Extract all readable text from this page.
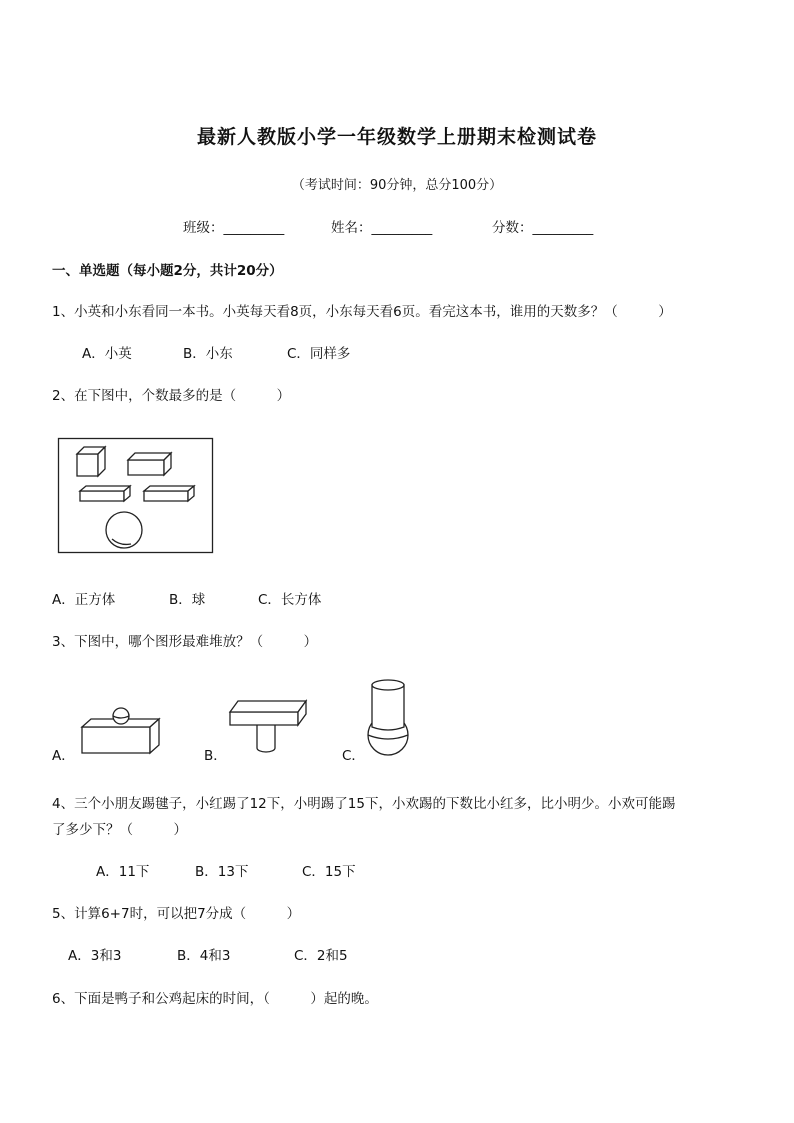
最新人教版小学一年级数学上册期末检测试卷
（考试时间：90分钟，总分100分）
班级：_________	姓名：_________	分数：_________
一、单选题（每小题2分，共计20分）
1、小英和小东看同一本书。小英每天看8页，小东每天看6页。看完这本书，谁用的天数多？（　　　）
A．小英	B．小东	C．同样多
2、在下图中，个数最多的是（　　　）
A．正方体	B．球	C．长方体
3、下图中，哪个图形最难堆放？（　　　）
A．	B．	C．
4、三个小朋友踢毽子，小红踢了12下，小明踢了15下，小欢踢的下数比小红多，比小明少。小欢可能踢
了多少下？（　　　）
A．11下	B．13下	C．15下
5、计算6+7时，可以把7分成（　　　）
A．3和3	B．4和3	C．2和5
6、下面是鸭子和公鸡起床的时间，（　　　）起的晚。
